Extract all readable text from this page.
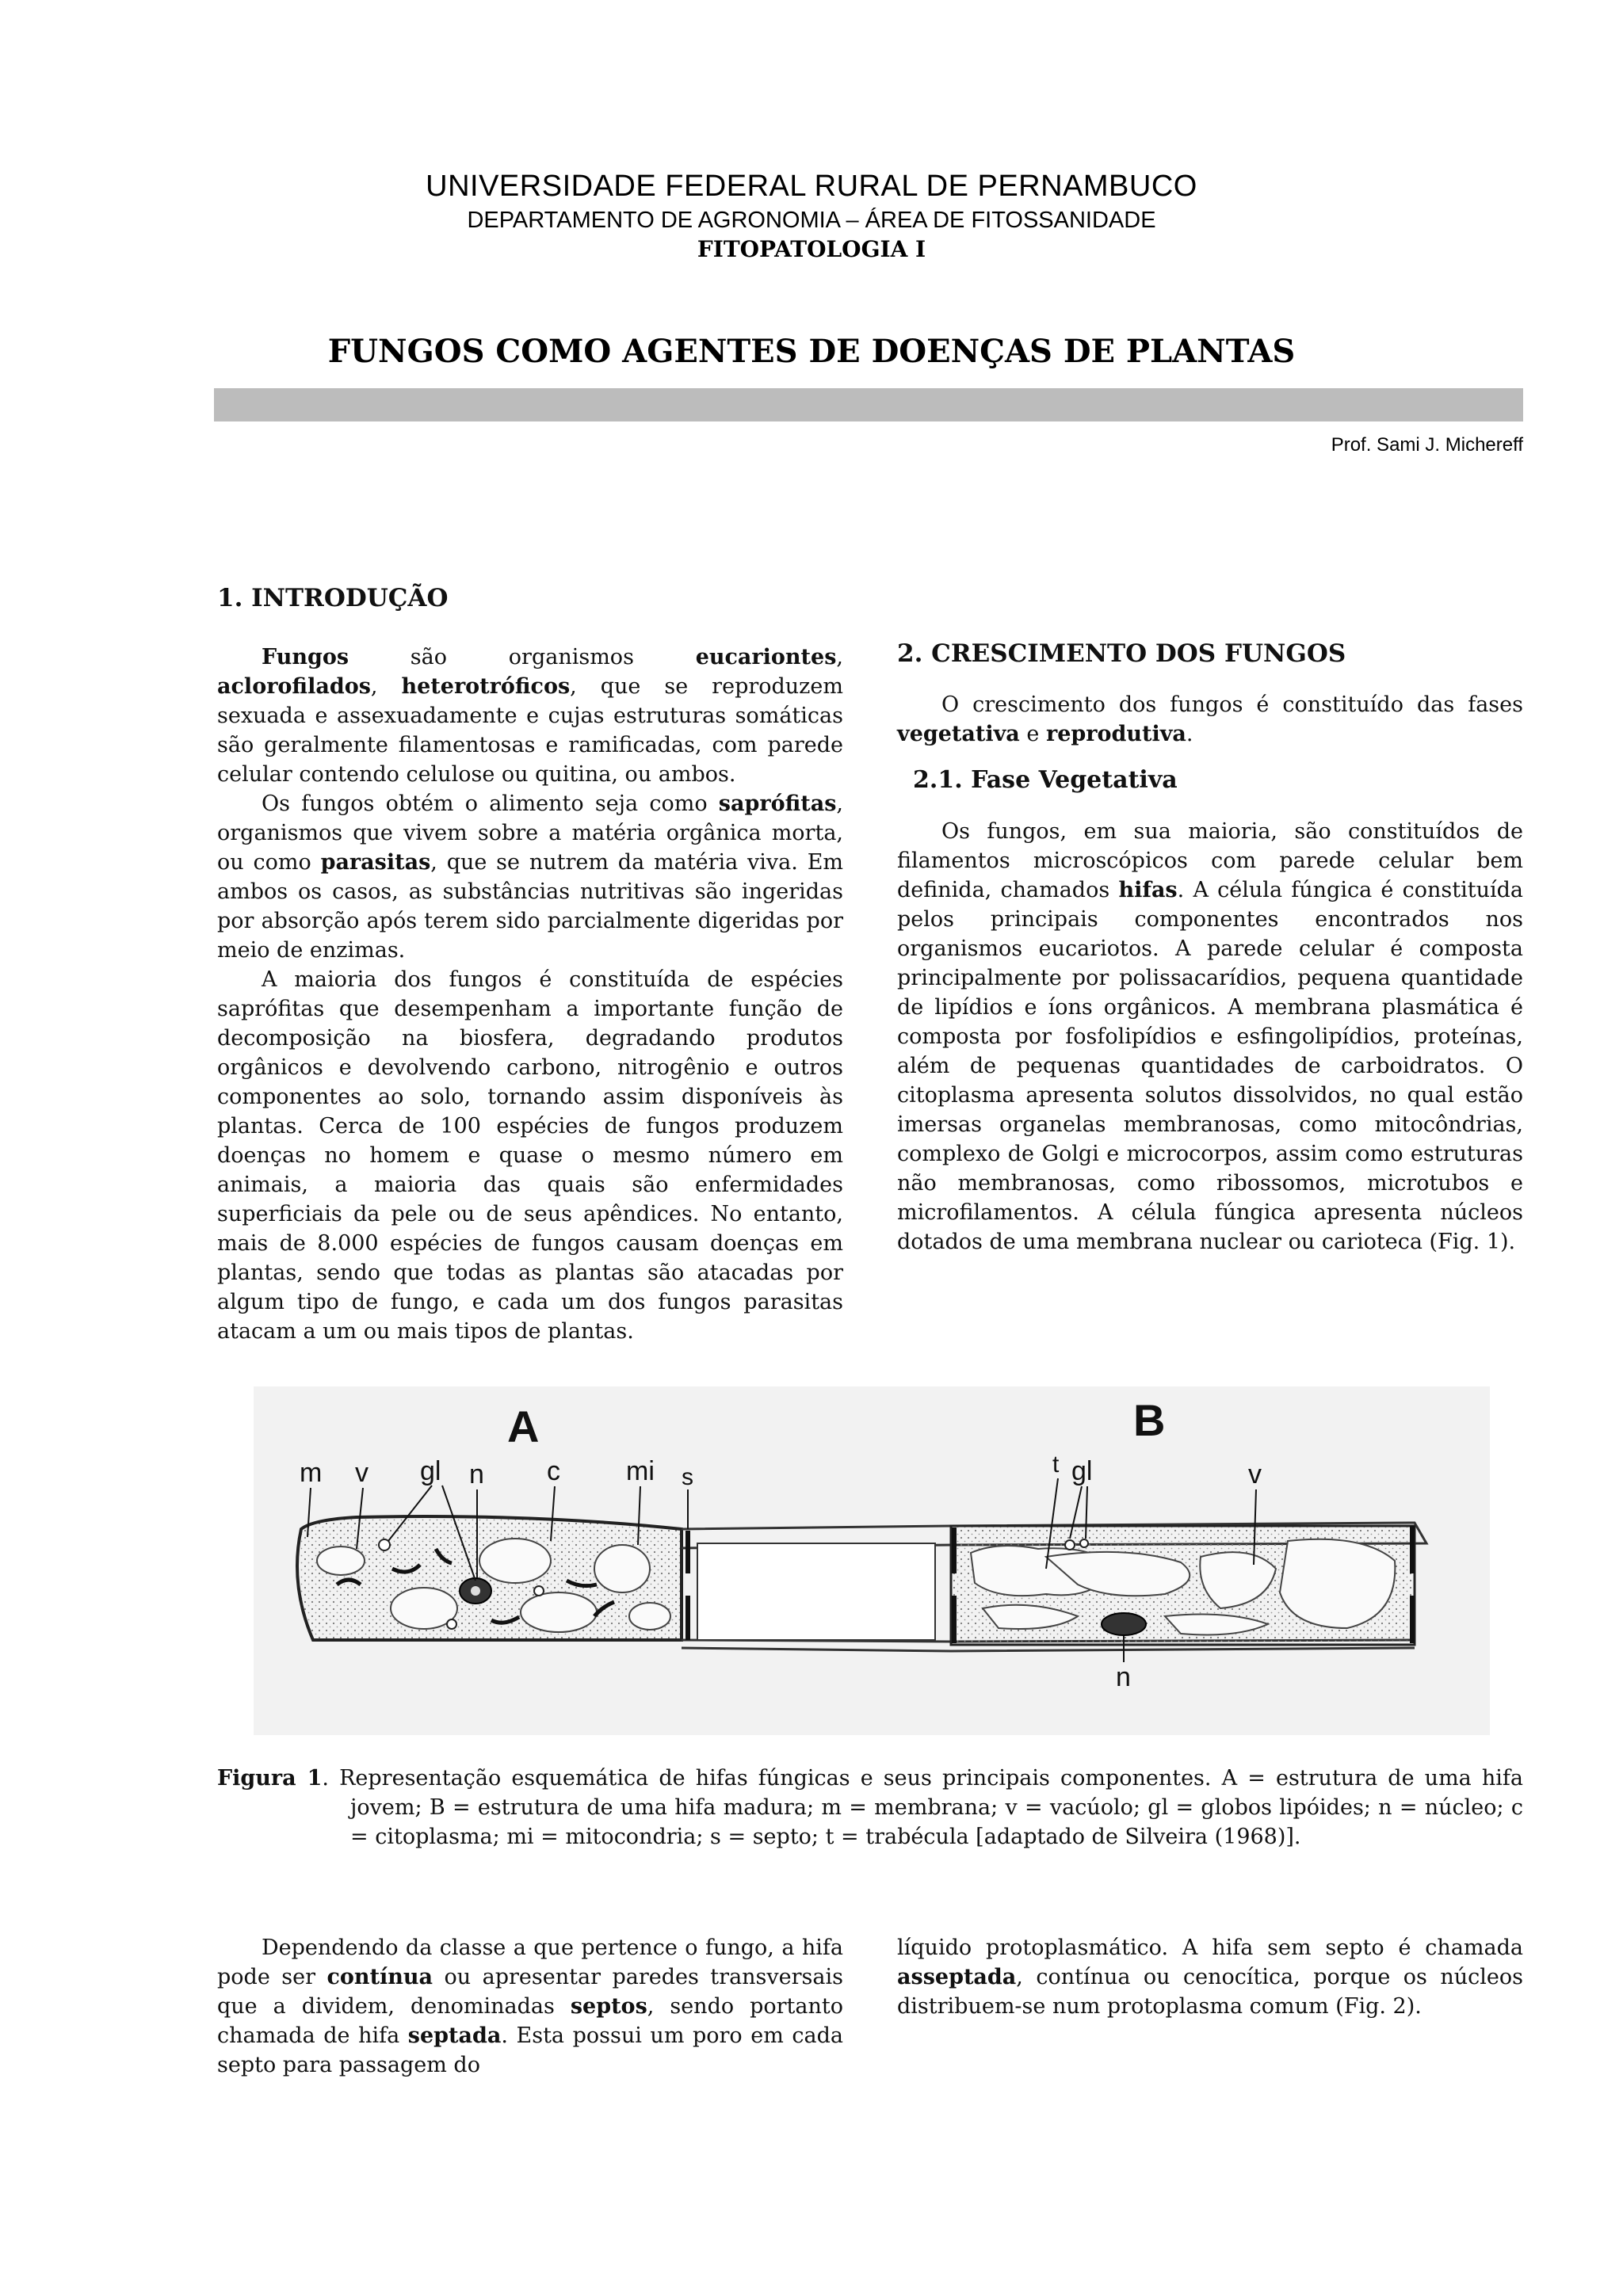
UNIVERSIDADE FEDERAL RURAL DE PERNAMBUCO
DEPARTAMENTO DE AGRONOMIA – ÁREA DE FITOSSANIDADE
FITOPATOLOGIA I
FUNGOS COMO AGENTES DE DOENÇAS DE PLANTAS
Prof. Sami J. Michereff
1. INTRODUÇÃO

Fungos são organismos eucariontes, aclorofilados, heterotróficos, que se reproduzem sexuada e assexuadamente e cujas estruturas somáticas são geralmente filamentosas e ramificadas, com parede celular contendo celulose ou quitina, ou ambos.

Os fungos obtém o alimento seja como saprófitas, organismos que vivem sobre a matéria orgânica morta, ou como parasitas, que se nutrem da matéria viva. Em ambos os casos, as substâncias nutritivas são ingeridas por absorção após terem sido parcialmente digeridas por meio de enzimas.

A maioria dos fungos é constituída de espécies saprófitas que desempenham a importante função de decomposição na biosfera, degradando produtos orgânicos e devolvendo carbono, nitrogênio e outros componentes ao solo, tornando assim disponíveis às plantas. Cerca de 100 espécies de fungos produzem doenças no homem e quase o mesmo número em animais, a maioria das quais são enfermidades superficiais da pele ou de seus apêndices. No entanto, mais de 8.000 espécies de fungos causam doenças em plantas, sendo que todas as plantas são atacadas por algum tipo de fungo, e cada um dos fungos parasitas atacam a um ou mais tipos de plantas.

2. CRESCIMENTO DOS FUNGOS

O crescimento dos fungos é constituído das fases vegetativa e reprodutiva.

2.1. Fase Vegetativa

Os fungos, em sua maioria, são constituídos de filamentos microscópicos com parede celular bem definida, chamados hifas. A célula fúngica é constituída pelos principais componentes encontrados nos organismos eucariotos. A parede celular é composta principalmente por polissacarídios, pequena quantidade de lipídios e íons orgânicos. A membrana plasmática é composta por fosfolipídios e esfingolipídios, proteínas, além de pequenas quantidades de carboidratos. O citoplasma apresenta solutos dissolvidos, no qual estão imersas organelas membranosas, como mitocôndrias, complexo de Golgi e microcorpos, assim como estruturas não membranosas, como ribossomos, microtubos e microfilamentos. A célula fúngica apresenta núcleos dotados de uma membrana nuclear ou carioteca (Fig. 1).

A	B
m v gl n c mi s	t gl	v
n
Figura 1. Representação esquemática de hifas fúngicas e seus principais componentes. A = estrutura de uma hifa jovem; B = estrutura de uma hifa madura; m = membrana; v = vacúolo; gl = globos lipóides; n = núcleo; c = citoplasma; mi = mitocondria; s = septo; t = trabécula [adaptado de Silveira (1968)].

Dependendo da classe a que pertence o fungo, a hifa pode ser contínua ou apresentar paredes transversais que a dividem, denominadas septos, sendo portanto chamada de hifa septada. Esta possui um poro em cada septo para passagem do

líquido protoplasmático. A hifa sem septo é chamada asseptada, contínua ou cenocítica, porque os núcleos distribuem-se num protoplasma comum (Fig. 2).
